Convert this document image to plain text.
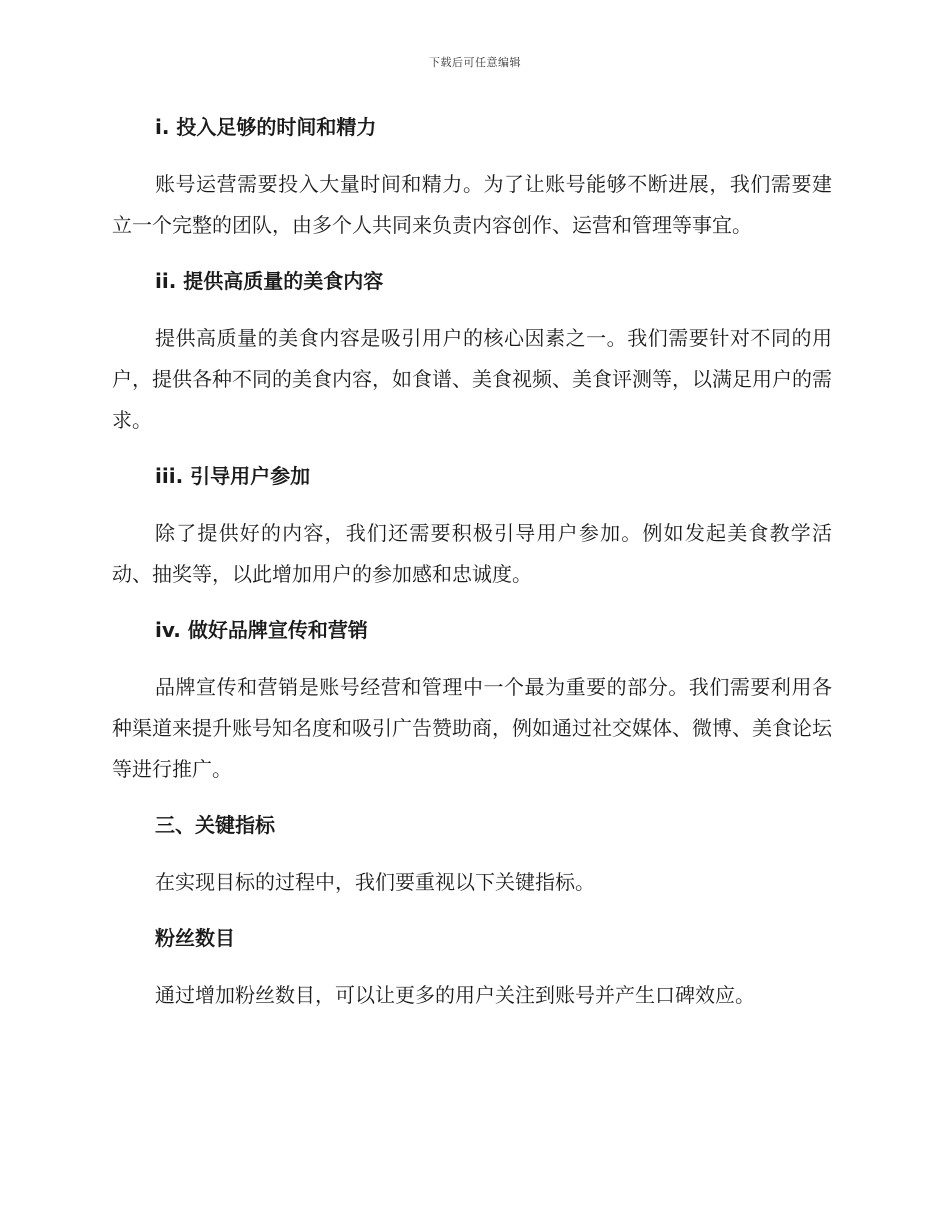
下载后可任意编辑
i. 投入足够的时间和精力

账号运营需要投入大量时间和精力。为了让账号能够不断进展，我们需要建立一个完整的团队，由多个人共同来负责内容创作、运营和管理等事宜。

ii. 提供高质量的美食内容

提供高质量的美食内容是吸引用户的核心因素之一。我们需要针对不同的用户，提供各种不同的美食内容，如食谱、美食视频、美食评测等，以满足用户的需求。

iii. 引导用户参加

除了提供好的内容，我们还需要积极引导用户参加。例如发起美食教学活动、抽奖等，以此增加用户的参加感和忠诚度。

iv. 做好品牌宣传和营销

品牌宣传和营销是账号经营和管理中一个最为重要的部分。我们需要利用各种渠道来提升账号知名度和吸引广告赞助商，例如通过社交媒体、微博、美食论坛等进行推广。

三、关键指标

在实现目标的过程中，我们要重视以下关键指标。

粉丝数目

通过增加粉丝数目，可以让更多的用户关注到账号并产生口碑效应。
